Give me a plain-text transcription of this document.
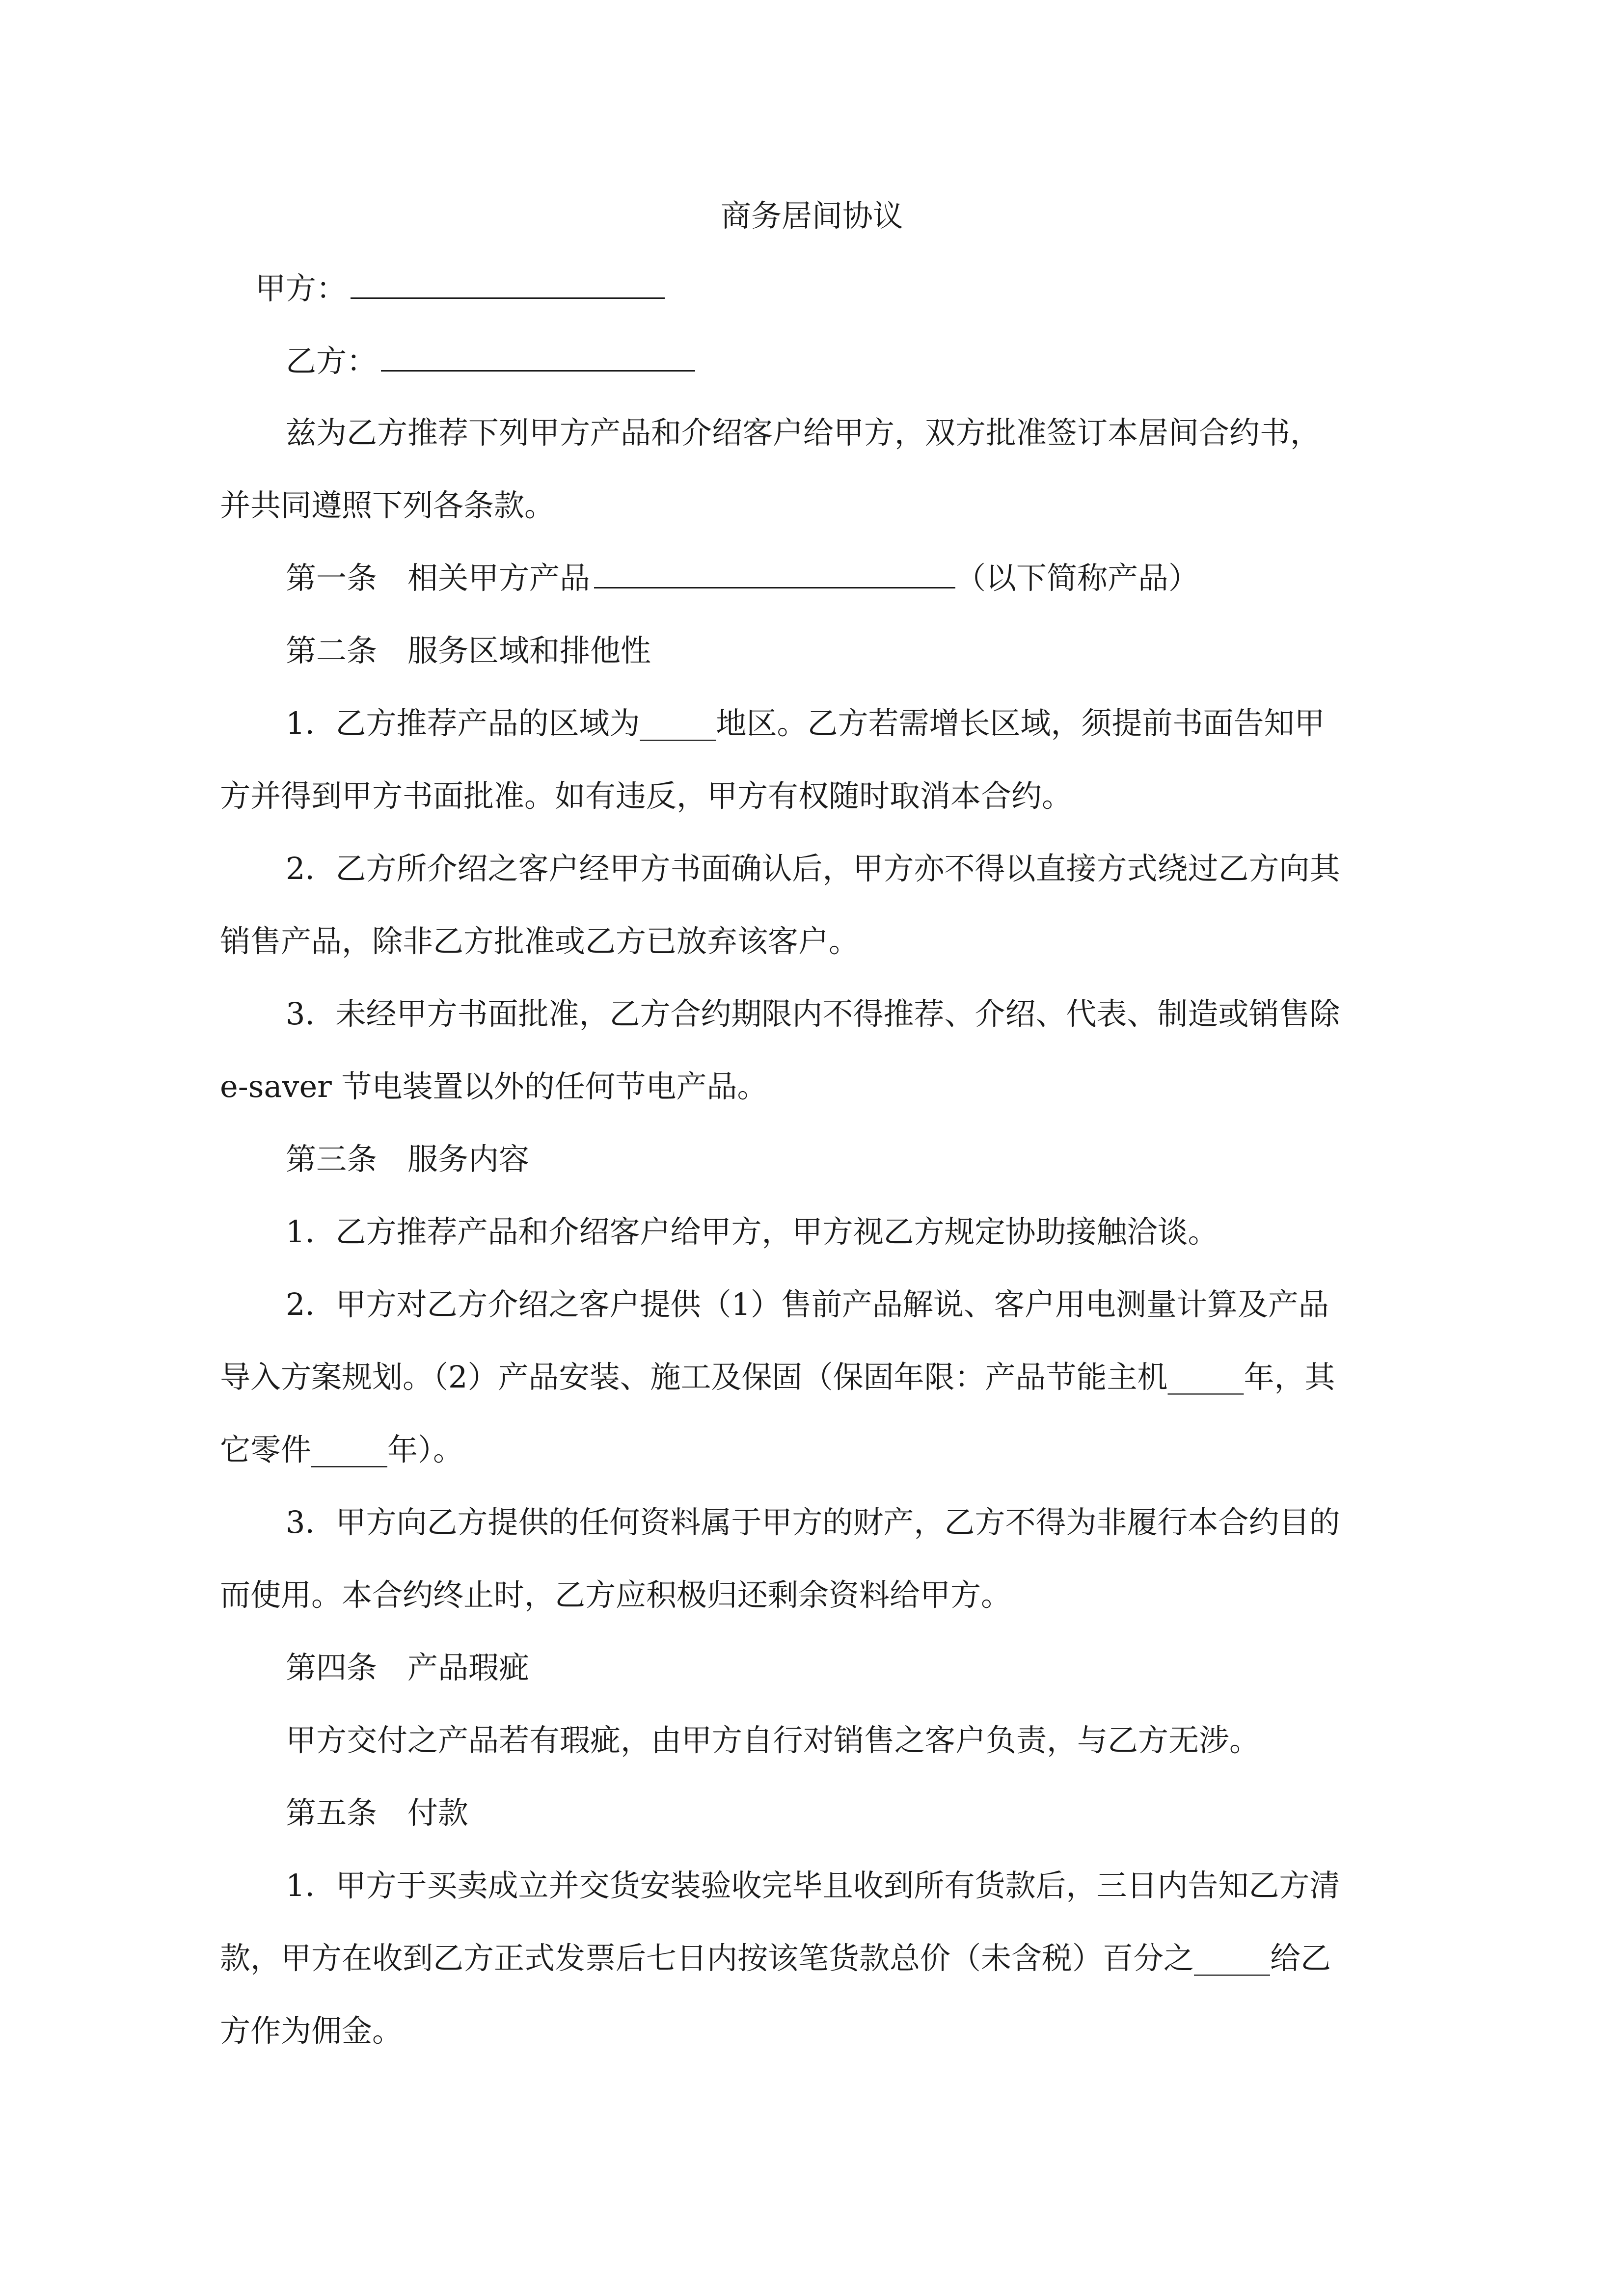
商务居间协议
甲方：
乙方：
兹为乙方推荐下列甲方产品和介绍客户给甲方，双方批准签订本居间合约书，
并共同遵照下列各条款。
第一条　相关甲方产品	（以下简称产品）
第二条　服务区域和排他性
1．乙方推荐产品的区域为_____地区。乙方若需增长区域，须提前书面告知甲
方并得到甲方书面批准。如有违反，甲方有权随时取消本合约。
2．乙方所介绍之客户经甲方书面确认后，甲方亦不得以直接方式绕过乙方向其
销售产品，除非乙方批准或乙方已放弃该客户。
3．未经甲方书面批准，乙方合约期限内不得推荐、介绍、代表、制造或销售除
e-saver 节电装置以外的任何节电产品。
第三条　服务内容
1．乙方推荐产品和介绍客户给甲方，甲方视乙方规定协助接触洽谈。
2．甲方对乙方介绍之客户提供（1）售前产品解说、客户用电测量计算及产品
导入方案规划。（2）产品安装、施工及保固（保固年限：产品节能主机_____年，其
它零件_____年）。
3．甲方向乙方提供的任何资料属于甲方的财产，乙方不得为非履行本合约目的
而使用。本合约终止时，乙方应积极归还剩余资料给甲方。
第四条　产品瑕疵
甲方交付之产品若有瑕疵，由甲方自行对销售之客户负责，与乙方无涉。
第五条　付款
1．甲方于买卖成立并交货安装验收完毕且收到所有货款后，三日内告知乙方清
款，甲方在收到乙方正式发票后七日内按该笔货款总价（未含税）百分之_____给乙
方作为佣金。
